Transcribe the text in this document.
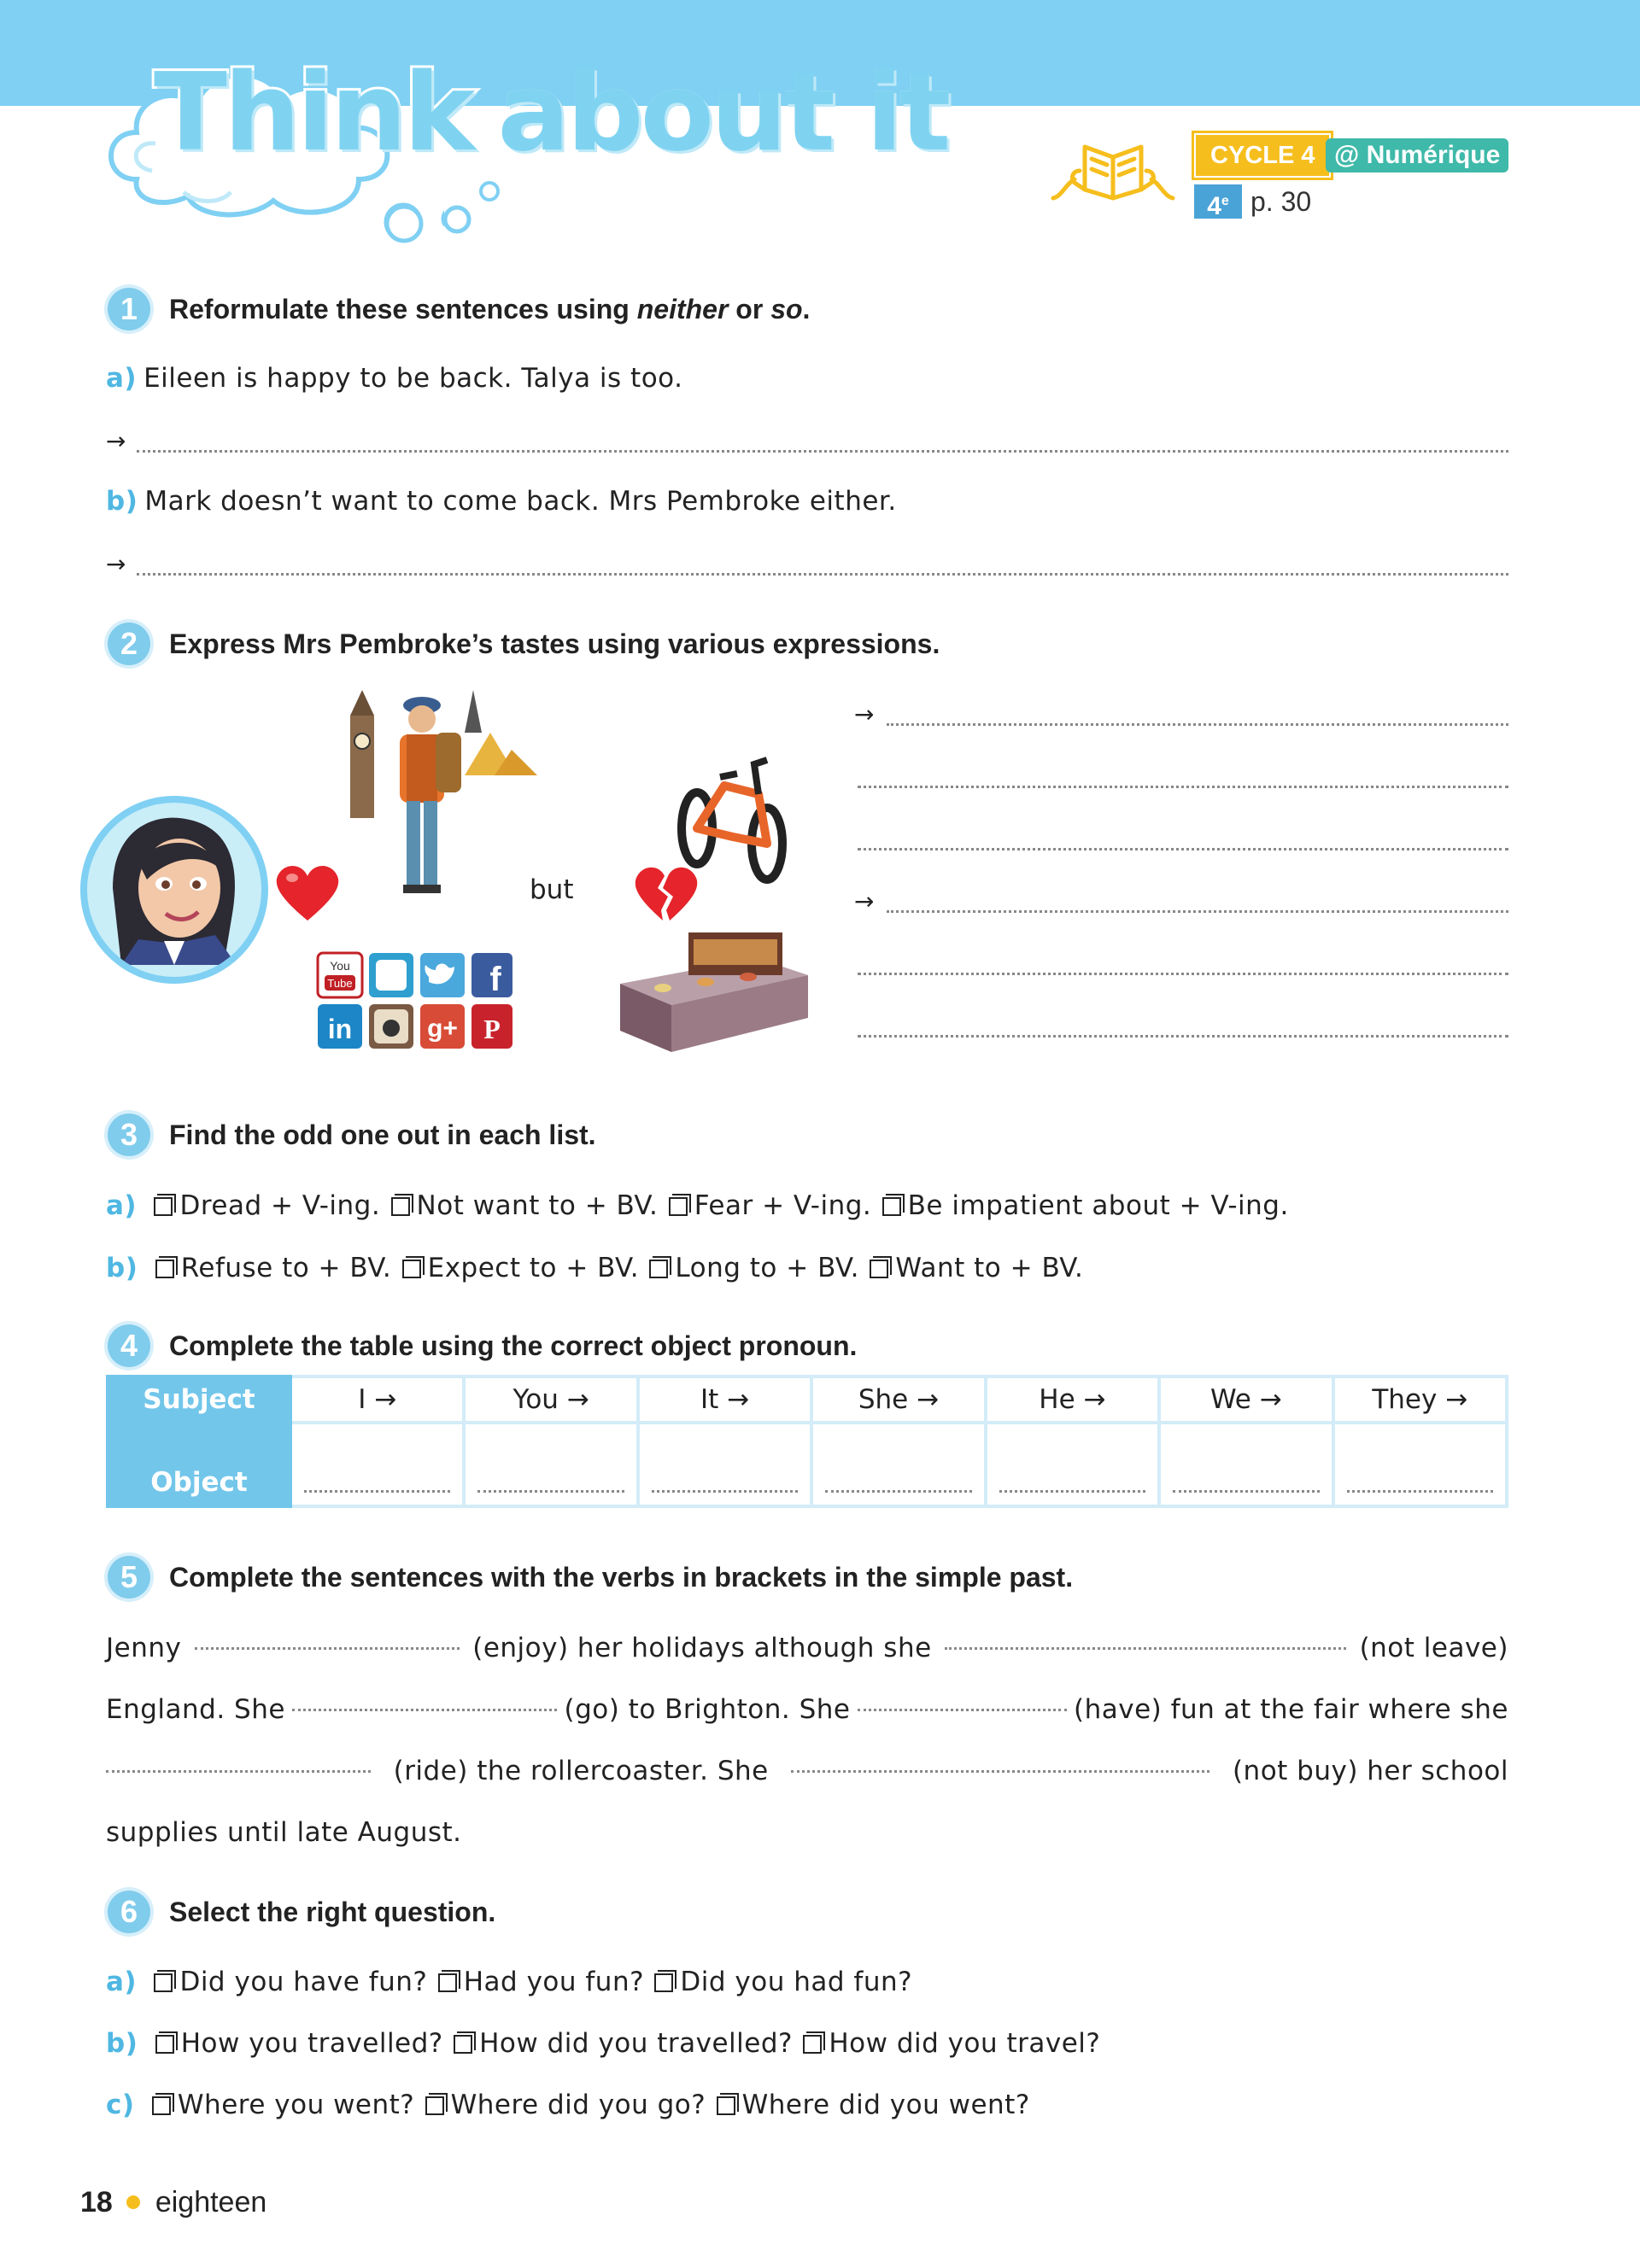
Think about it	CYCLE 4 @ Numérique
4e p. 30
1	Reformulate these sentences using neither or so.
a) Eileen is happy to be back. Talya is too.
→
b) Mark doesn’t want to come back. Mrs Pembroke either.
→
2	Express Mrs Pembroke’s tastes using various expressions.
but
You
Tube	f
in	g+ P
→
→
3	Find the odd one out in each list.
a) Dread + V-ing. Not want to + BV. Fear + V-ing. Be impatient about + V-ing.
b) Refuse to + BV. Expect to + BV. Long to + BV. Want to + BV.
4	Complete the table using the correct object pronoun.
Subject	I →	You →	It →	She →	He →	We →	They →
Object	

5	Complete the sentences with the verbs in brackets in the simple past.
Jenny	(enjoy) her holidays although she	(not leave)
England. She	(go) to Brighton. She	(have) fun at the fair where she
(ride) the rollercoaster. She	(not buy) her school
supplies until late August.
6	Select the right question.
a) Did you have fun? Had you fun? Did you had fun?
b) How you travelled? How did you travelled? How did you travel?
c) Where you went? Where did you go? Where did you went?
18 eighteen
